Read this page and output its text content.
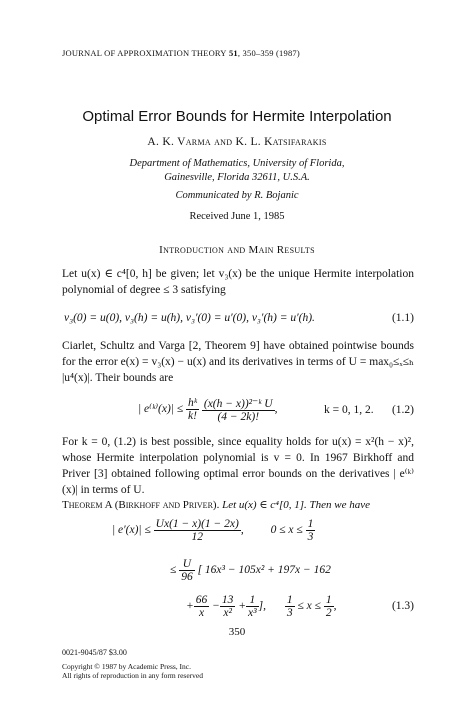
JOURNAL OF APPROXIMATION THEORY 51, 350–359 (1987)
Optimal Error Bounds for Hermite Interpolation
A. K. Varma and K. L. Katsifarakis
Department of Mathematics, University of Florida,
Gainesville, Florida 32611, U.S.A.
Communicated by R. Bojanic
Received June 1, 1985
Introduction and Main Results
Let u(x) ∈ c⁴[0, h] be given; let v₃(x) be the unique Hermite interpolation polynomial of degree ≤ 3 satisfying
v₃(0) = u(0), v₃(h) = u(h), v₃′(0) = u′(0), v₃′(h) = u′(h).	(1.1)
Ciarlet, Schultz and Varga [2, Theorem 9] have obtained pointwise bounds for the error e(x) = v₃(x) − u(x) and its derivatives in terms of U = max₀≤ₓ≤ₕ |u⁴(x)|. Their bounds are
| e⁽ᵏ⁾(x)| ≤ $\frac{\text{hᵏ}}{k!}$
$\frac{\text{(x(h − x))²⁻ᵏ U}}{(4 - 2k)!}$ ,	k = 0, 1, 2. (1.2)
For k = 0, (1.2) is best possible, since equality holds for u(x) = x²(h − x)², whose Hermite interpolation polynomial is v = 0. In 1967 Birkhoff and Priver [3] obtained following optimal error bounds on the derivatives | e⁽ᵏ⁾(x)| in terms of U.
Theorem A (Birkhoff and Priver). Let u(x) ∈ c⁴[0, 1]. Then we have
| $e'(x)| \le \frac{Ux(1 - x)(1 - 2x)}{12}$ , $0 \le x \le \frac{1}{3}$
≤ $\frac{U}{96}$ [ 16x³ − 105x² + 197x − 162
+ $\frac{66}{x} - \frac{13}{\text{x²}} + \frac{1}{\text{x³}}$ ], $\frac{1}{3} \le x \le \frac{1}{2}$ ,	(1.3)
350
0021-9045/87 $3.00
Copyright © 1987 by Academic Press, Inc.
All rights of reproduction in any form reserved
